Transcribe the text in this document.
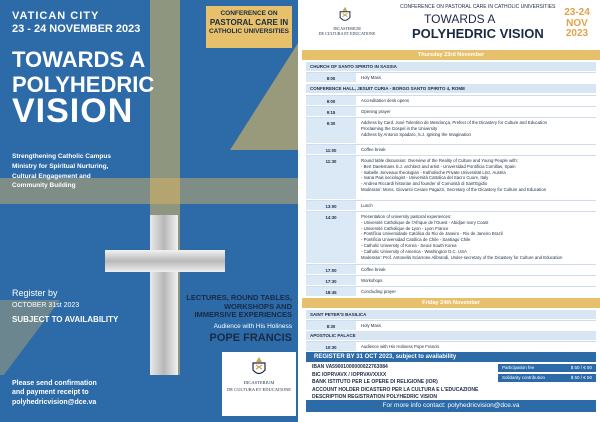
VATICAN CITY
23 - 24 NOVEMBER 2023
CONFERENCE ON

PASTORAL CARE IN
CATHOLIC UNIVERSITIES
TOWARDS A
POLYHEDRIC
VISION
Strengthening Catholic Campus Ministry for Spiritual Nurturing, Cultural Engagement and Community Building
Register by
OCTOBER 31st 2023
SUBJECT TO AVAILABILITY
LECTURES, ROUND TABLES,
WORKSHOPS AND
IMMERSIVE EXPERIENCES
Audience with His Holiness
POPE FRANCIS
Please send confirmation
and payment receipt to
polyhedricvision@dce.va
DICASTERIUM
DE CULTURA ET EDUCATIONE
DICASTERIUM
DE CULTURA ET EDUCATIONE
CONFERENCE ON PASTORAL CARE IN CATHOLIC UNIVERSITIES
TOWARDS A
POLYHEDRIC VISION
23-24
NOV
2023
Thursday 23rd November
CHURCH OF SANTO SPIRITO IN SASSIA
8:00	Holy Mass
CONFERENCE HALL, JESUIT CURIA - BORGO SANTO SPIRITO 4, ROME
9:00	Accreditation desk opens
9:15	Opening prayer
9:30	Address by Card. José Tolentino de Mendonça, Prefect of the Dicastery for Culture and Education
Proclaiming the Gospel in the University
Address by Antonio Spadaro, S.J. Igniting the Imagination
11:00	Coffee break
11:30	Round table discussion: Overview of the Reality of Culture and Young People with:
- Bert Daelemans S.J. architect and artist - Universidad Pontificia Comillas, Spain
- Isabelle Jonveaux theologian - Katholische Private Universität Linz, Austria
- Ivana Pais sociologist - Università Cattolica del Sacro Cuore, Italy
- Andrea Riccardi historian and founder of Comunità di Sant'Egidio
Moderator: Mons. Giovanni Cesare Pagazzi, Secretary of the Dicastery for Culture and Education
13:00	Lunch
14:30	Presentation of university pastoral experiences:
- Université Catholique de l'Afrique de l'Ouest - Abidjan Ivory Coast
- Université Catholique de Lyon - Lyon France
- Pontifícia Universidade Católica do Rio de Janeiro - Rio de Janeiro Brazil
- Pontificia Universidad Católica de Chile - Santiago Chile
- Catholic University of Korea - Seoul South Korea
- Catholic University of America - Washington D.C. USA
Moderator: Prof. Antonella Sciarrone Alibrandi, Under-secretary of the Dicastery for Culture and Education
17:00	Coffee break
17:30	Workshops
18:45	Concluding prayer
Friday 24th November
SAINT PETER'S BASILICA
8:30	Holy Mass
APOSTOLIC PALACE
10:30	Audience with His Holiness Pope Francis
REGISTER BY 31 OCT 2023, subject to availability
IBAN VA59001000000022763084
BIC IOPRVAVX / IOPRVAVXXXX
BANK ISTITUTO PER LE OPERE DI RELIGIONE (IOR)
ACCOUNT HOLDER DICASTERO PER LA CULTURA E L'EDUCAZIONE
DESCRIPTION REGISTRATION POLYHEDRIC VISION
Participation fee	$ 50 / € 50
Solidarity contribution	$ 50 / € 50
For more info contact: polyhedricvision@dce.va
